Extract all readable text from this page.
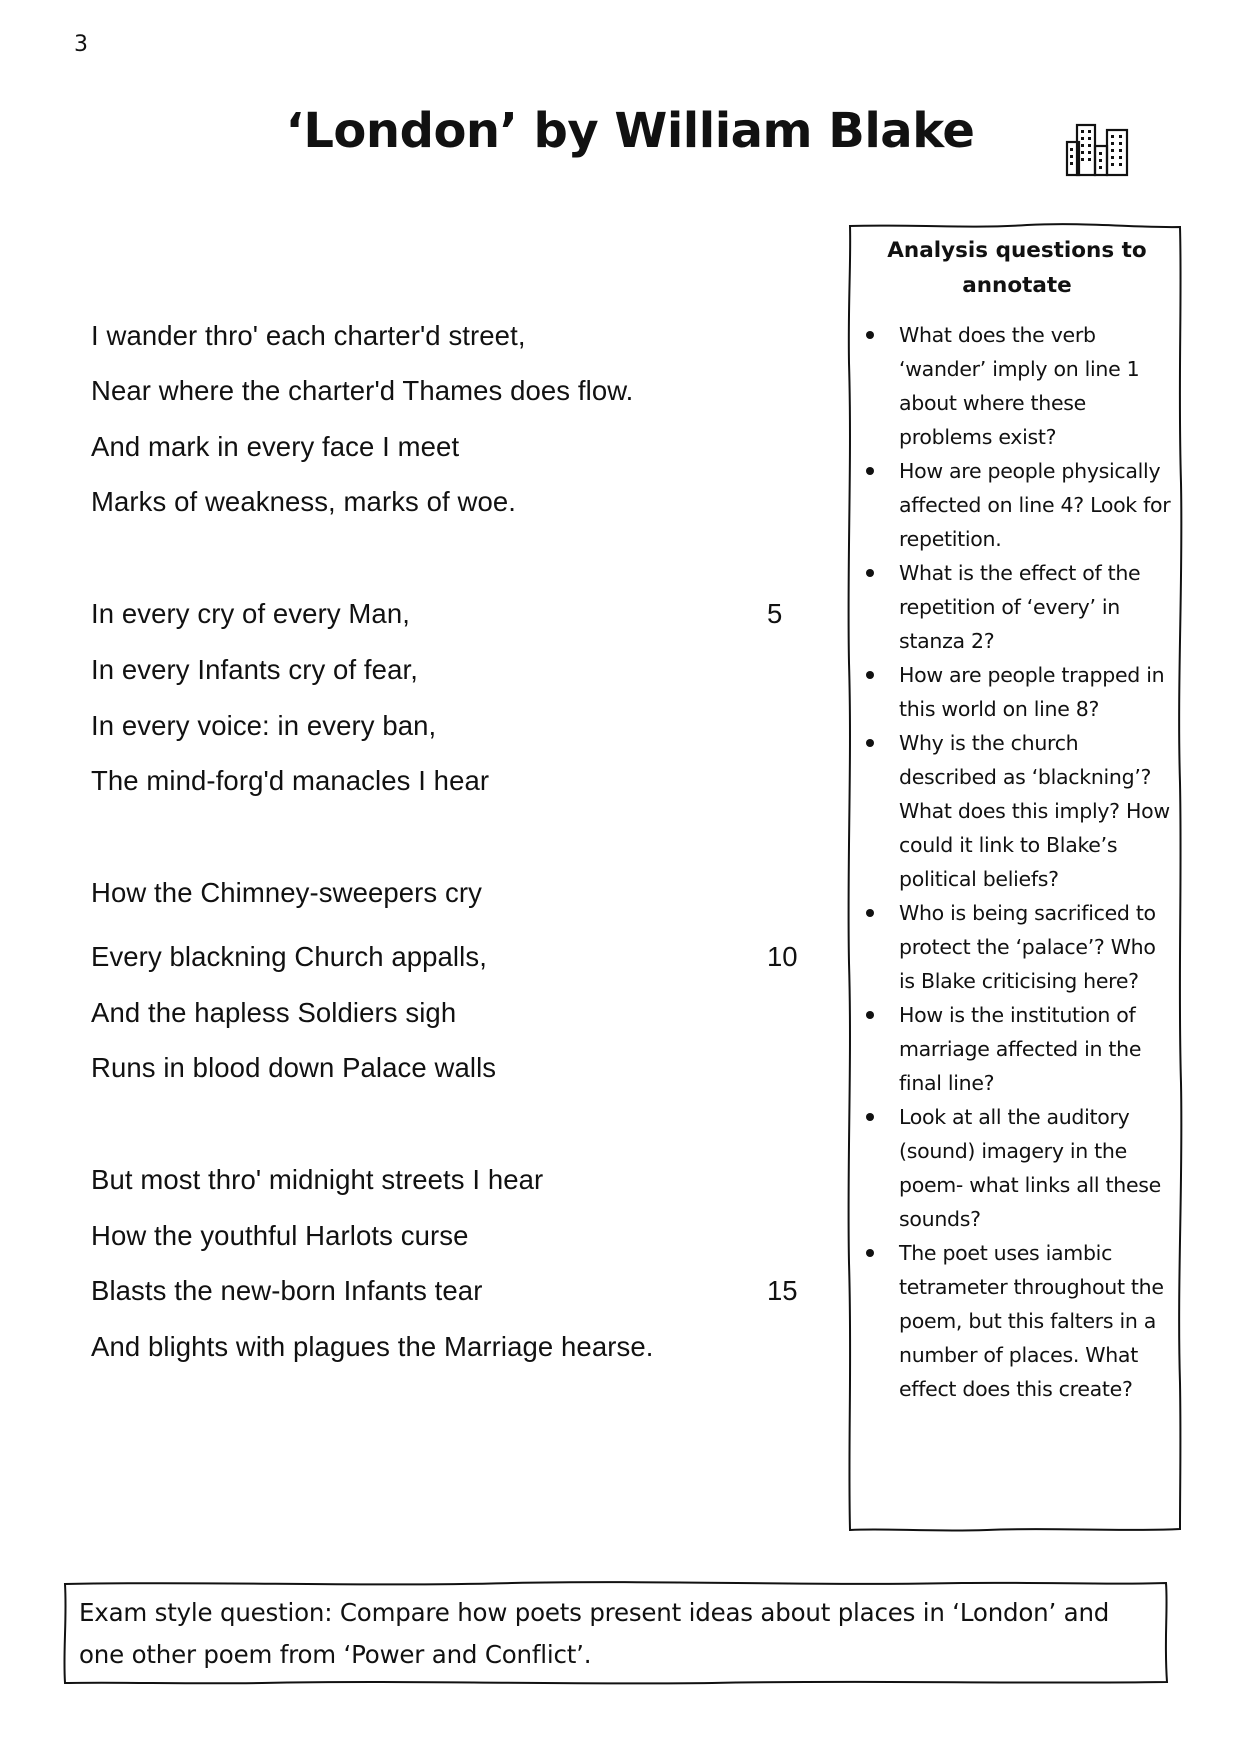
3
‘London’ by William Blake
I wander thro' each charter'd street,
Near where the charter'd Thames does flow.
And mark in every face I meet
Marks of weakness, marks of woe.
In every cry of every Man,
In every Infants cry of fear,
In every voice: in every ban,
The mind-forg'd manacles I hear
How the Chimney-sweepers cry
Every blackning Church appalls,
And the hapless Soldiers sigh
Runs in blood down Palace walls
But most thro' midnight streets I hear
How the youthful Harlots curse
Blasts the new-born Infants tear
And blights with plagues the Marriage hearse.
5
10
15
Analysis questions to annotate
What does the verb ‘wander’ imply on line 1 about where these problems exist?
How are people physically affected on line 4? Look for repetition.
What is the effect of the repetition of ‘every’ in stanza 2?
How are people trapped in this world on line 8?
Why is the church described as ‘blackning’? What does this imply? How could it link to Blake’s political beliefs?
Who is being sacrificed to protect the ‘palace’? Who is Blake criticising here?
How is the institution of marriage affected in the final line?
Look at all the auditory (sound) imagery in the poem- what links all these sounds?
The poet uses iambic tetrameter throughout the poem, but this falters in a number of places. What effect does this create?

Exam style question: Compare how poets present ideas about places in ‘London’ and one other poem from ‘Power and Conflict’.
